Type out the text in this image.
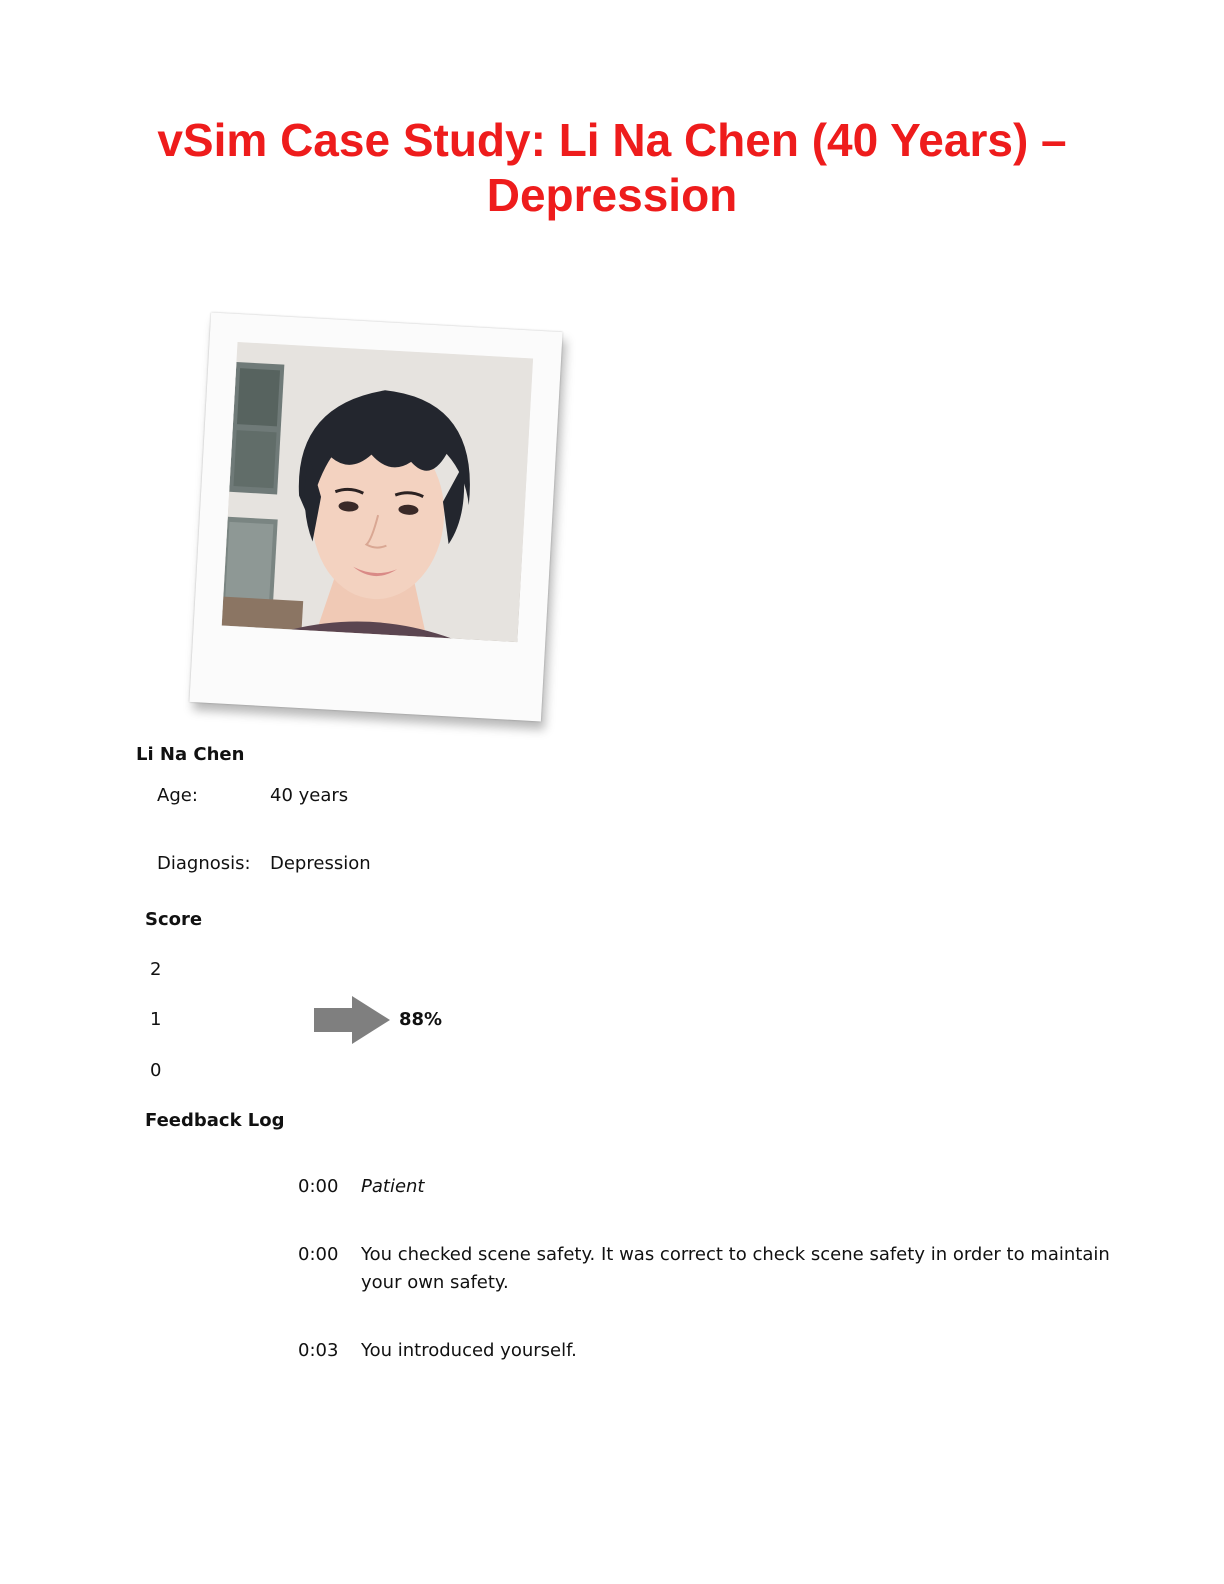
vSim Case Study: Li Na Chen (40 Years) –
Depression
Li Na Chen
Age:	40 years
Diagnosis: Depression
Score
2
1
0
88%
Feedback Log
0:00 Patient
0:00 You checked scene safety. It was correct to check scene safety in order to maintain your own safety.
0:03 You introduced yourself.
